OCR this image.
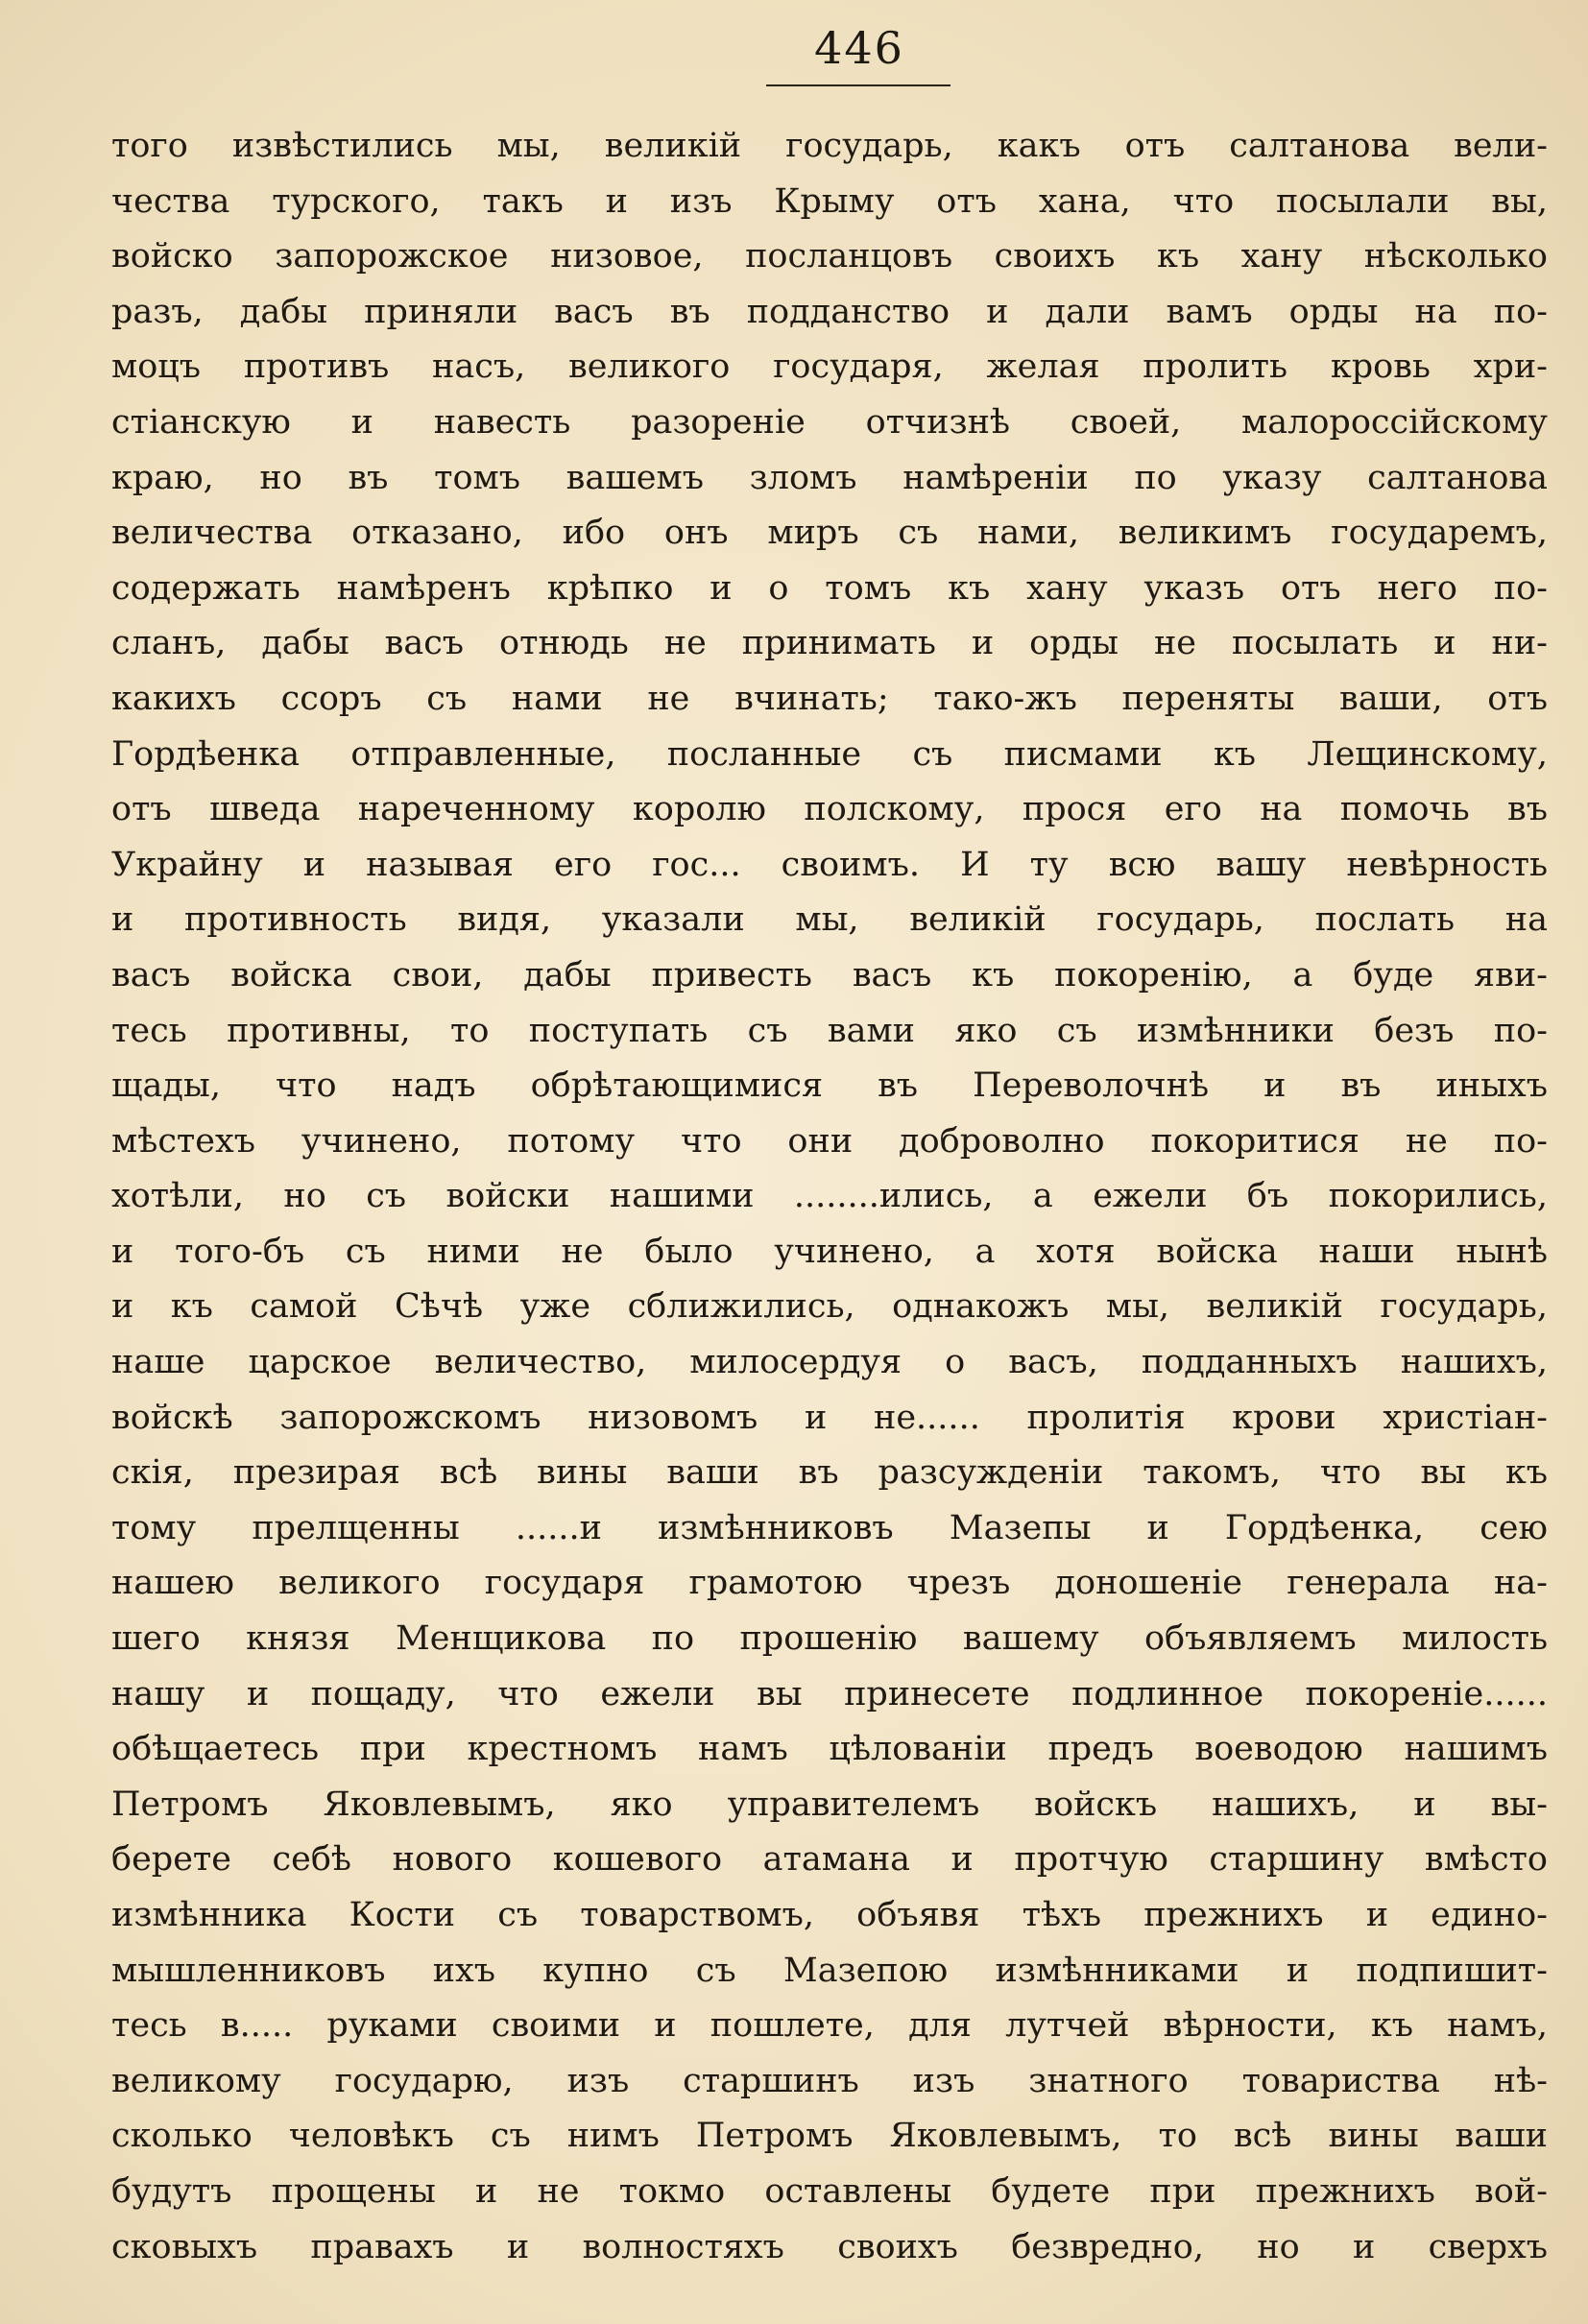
446
того извѣстились мы, великій государь, какъ отъ салтанова вели-
чества турского, такъ и изъ Крыму отъ хана, что посылали вы,
войско запорожское низовое, посланцовъ своихъ къ хану нѣсколько
разъ, дабы приняли васъ въ подданство и дали вамъ орды на по-
моцъ противъ насъ, великого государя, желая пролить кровь хри-
стіанскую и навесть разореніе отчизнѣ своей, малороссійскому
краю, но въ томъ вашемъ зломъ намѣреніи по указу салтанова
величества отказано, ибо онъ миръ съ нами, великимъ государемъ,
содержать намѣренъ крѣпко и о томъ къ хану указъ отъ него по-
сланъ, дабы васъ отнюдь не принимать и орды не посылать и ни-
какихъ ссоръ съ нами не вчинать; тако-жъ переняты ваши, отъ
Гордѣенка отправленные, посланные съ писмами къ Лещинскому,
отъ шведа нареченному королю полскому, прося его на помочь въ
Украйну и называя его гос... своимъ. И ту всю вашу невѣрность
и противность видя, указали мы, великій государь, послать на
васъ войска свои, дабы привесть васъ къ покоренію, а буде яви-
тесь противны, то поступать съ вами яко съ измѣнники безъ по-
щады, что надъ обрѣтающимися въ Переволочнѣ и въ иныхъ
мѣстехъ учинено, потому что они доброволно покоритися не по-
хотѣли, но съ войски нашими ........ились, а ежели бъ покорились,
и того-бъ съ ними не было учинено, а хотя войска наши нынѣ
и къ самой Сѣчѣ уже сближились, однакожъ мы, великій государь,
наше царское величество, милосердуя о васъ, подданныхъ нашихъ,
войскѣ запорожскомъ низовомъ и не...... пролитія крови христіан-
скія, презирая всѣ вины ваши въ разсужденіи такомъ, что вы къ
тому прелщенны ......и измѣнниковъ Мазепы и Гордѣенка, сею
нашею великого государя грамотою чрезъ доношеніе генерала на-
шего князя Менщикова по прошенію вашему объявляемъ милость
нашу и пощаду, что ежели вы принесете подлинное покореніе......
обѣщаетесь при крестномъ намъ цѣлованіи предъ воеводою нашимъ
Петромъ Яковлевымъ, яко управителемъ войскъ нашихъ, и вы-
берете себѣ нового кошевого атамана и протчую старшину вмѣсто
измѣнника Кости съ товарствомъ, объявя тѣхъ прежнихъ и едино-
мышленниковъ ихъ купно съ Мазепою измѣнниками и подпишит-
тесь в..... руками своими и пошлете, для лутчей вѣрности, къ намъ,
великому государю, изъ старшинъ изъ знатного товариства нѣ-
сколько человѣкъ съ нимъ Петромъ Яковлевымъ, то всѣ вины ваши
будутъ прощены и не токмо оставлены будете при прежнихъ вой-
сковыхъ правахъ и волностяхъ своихъ безвредно, но и сверхъ
